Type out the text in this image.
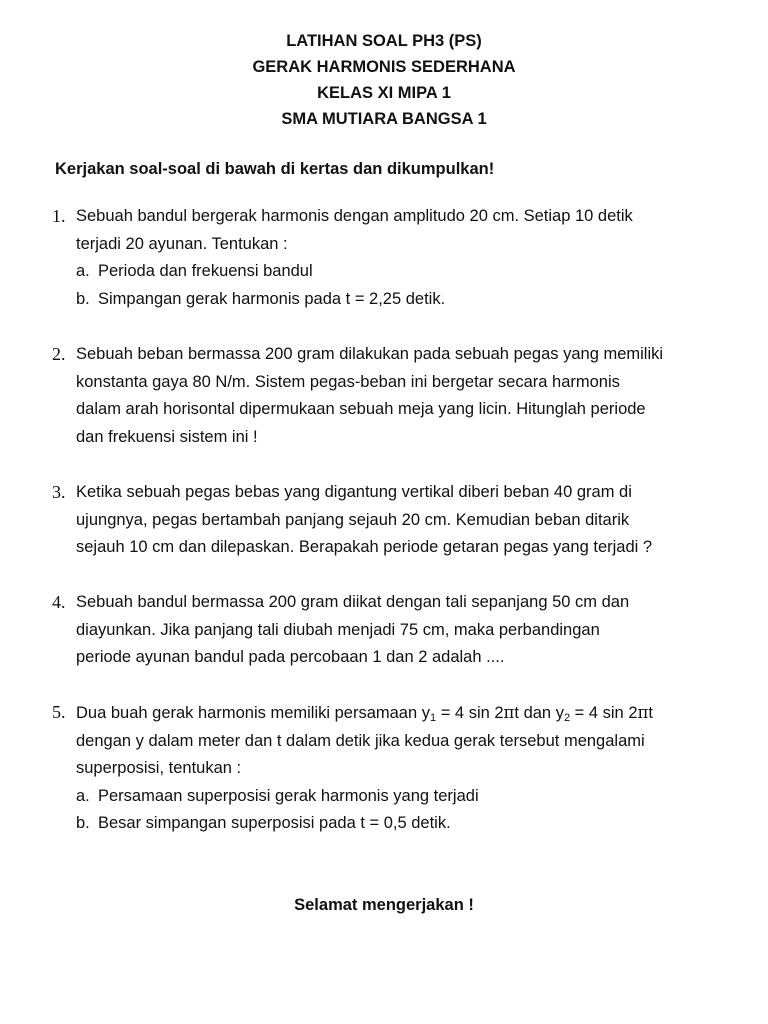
LATIHAN SOAL PH3 (PS)
GERAK HARMONIS SEDERHANA
KELAS XI MIPA 1
SMA MUTIARA BANGSA 1
Kerjakan soal-soal di bawah di kertas dan dikumpulkan!
1. Sebuah bandul bergerak harmonis dengan amplitudo 20 cm. Setiap 10 detik
terjadi 20 ayunan. Tentukan :
a. Perioda dan frekuensi bandul
b. Simpangan gerak harmonis pada t = 2,25 detik.
2. Sebuah beban bermassa 200 gram dilakukan pada sebuah pegas yang memiliki
konstanta gaya 80 N/m. Sistem pegas-beban ini bergetar secara harmonis
dalam arah horisontal dipermukaan sebuah meja yang licin. Hitunglah periode
dan frekuensi sistem ini !
3. Ketika sebuah pegas bebas yang digantung vertikal diberi beban 40 gram di
ujungnya, pegas bertambah panjang sejauh 20 cm. Kemudian beban ditarik
sejauh 10 cm dan dilepaskan. Berapakah periode getaran pegas yang terjadi ?
4. Sebuah bandul bermassa 200 gram diikat dengan tali sepanjang 50 cm dan
diayunkan. Jika panjang tali diubah menjadi 75 cm, maka perbandingan
periode ayunan bandul pada percobaan 1 dan 2 adalah ....
5. Dua buah gerak harmonis memiliki persamaan $y_1 = 4$ sin 2πt dan $y_2 = 4$ sin 2πt
dengan y dalam meter dan t dalam detik jika kedua gerak tersebut mengalami
superposisi, tentukan :
a. Persamaan superposisi gerak harmonis yang terjadi
b. Besar simpangan superposisi pada t = 0,5 detik.
Selamat mengerjakan !
